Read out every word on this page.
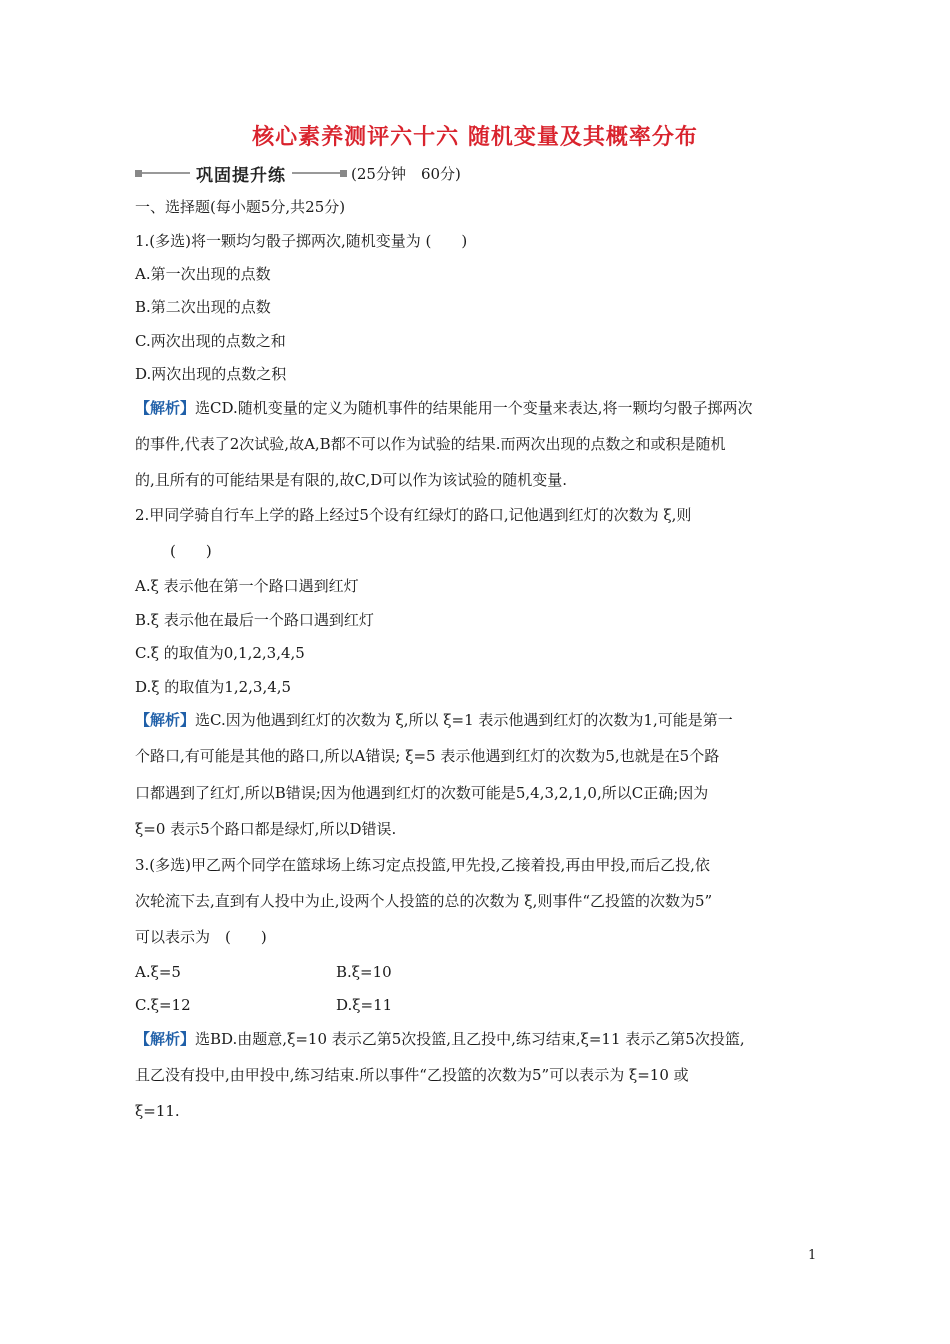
核心素养测评六十六 随机变量及其概率分布
巩固提升练	(25分钟　60分)
一、选择题(每小题5分,共25分)
1.(多选)将一颗均匀骰子掷两次,随机变量为 (　　)
A.第一次出现的点数
B.第二次出现的点数
C.两次出现的点数之和
D.两次出现的点数之积
【解析】选CD.随机变量的定义为随机事件的结果能用一个变量来表达,将一颗均匀骰子掷两次
的事件,代表了2次试验,故A,B都不可以作为试验的结果.而两次出现的点数之和或积是随机
的,且所有的可能结果是有限的,故C,D可以作为该试验的随机变量.
2.甲同学骑自行车上学的路上经过5个设有红绿灯的路口,记他遇到红灯的次数为 ξ,则
(　　)
A.ξ 表示他在第一个路口遇到红灯
B.ξ 表示他在最后一个路口遇到红灯
C.ξ 的取值为0,1,2,3,4,5
D.ξ 的取值为1,2,3,4,5
【解析】选C.因为他遇到红灯的次数为 ξ,所以 ξ=1 表示他遇到红灯的次数为1,可能是第一
个路口,有可能是其他的路口,所以A错误; ξ=5 表示他遇到红灯的次数为5,也就是在5个路
口都遇到了红灯,所以B错误;因为他遇到红灯的次数可能是5,4,3,2,1,0,所以C正确;因为
ξ=0 表示5个路口都是绿灯,所以D错误.
3.(多选)甲乙两个同学在篮球场上练习定点投篮,甲先投,乙接着投,再由甲投,而后乙投,依
次轮流下去,直到有人投中为止,设两个人投篮的总的次数为 ξ,则事件“乙投篮的次数为5”
可以表示为　(　　)
A.ξ=5	B.ξ=10
C.ξ=12	D.ξ=11
【解析】选BD.由题意,ξ=10 表示乙第5次投篮,且乙投中,练习结束,ξ=11 表示乙第5次投篮,
且乙没有投中,由甲投中,练习结束.所以事件“乙投篮的次数为5”可以表示为 ξ=10 或
ξ=11.
1
